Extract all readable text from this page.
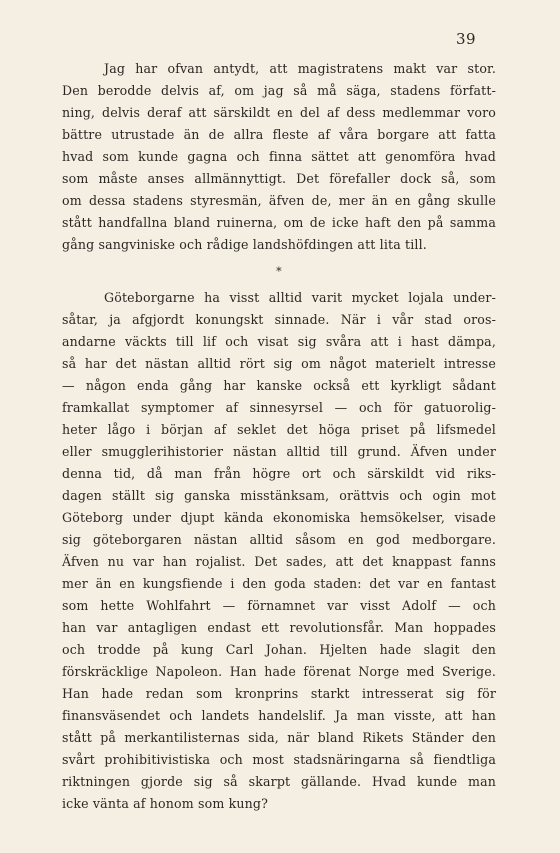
39
Jag har ofvan antydt, att magistratens makt var stor.
Den berodde delvis af, om jag så må säga, stadens författ-
ning, delvis deraf att särskildt en del af dess medlemmar voro
bättre utrustade än de allra fleste af våra borgare att fatta
hvad som kunde gagna och finna sättet att genomföra hvad
som måste anses allmännyttigt. Det förefaller dock så, som
om dessa stadens styresmän, äfven de, mer än en gång skulle
stått handfallna bland ruinerna, om de icke haft den på samma
gång sangviniske och rådige landshöfdingen att lita till.
*
Göteborgarne ha visst alltid varit mycket lojala under-
såtar, ja afgjordt konungskt sinnade. När i vår stad oros-
andarne väckts till lif och visat sig svåra att i hast dämpa,
så har det nästan alltid rört sig om något materielt intresse
— någon enda gång har kanske också ett kyrkligt sådant
framkallat symptomer af sinnesyrsel — och för gatuorolig-
heter lågo i början af seklet det höga priset på lifsmedel
eller smugglerihistorier nästan alltid till grund. Äfven under
denna tid, då man från högre ort och särskildt vid riks-
dagen ställt sig ganska misstänksam, orättvis och ogin mot
Göteborg under djupt kända ekonomiska hemsökelser, visade
sig göteborgaren nästan alltid såsom en god medborgare.
Äfven nu var han rojalist. Det sades, att det knappast fanns
mer än en kungsfiende i den goda staden: det var en fantast
som hette Wohlfahrt — förnamnet var visst Adolf — och
han var antagligen endast ett revolutionsfår. Man hoppades
och trodde på kung Carl Johan. Hjelten hade slagit den
förskräcklige Napoleon. Han hade förenat Norge med Sverige.
Han hade redan som kronprins starkt intresserat sig för
finansväsendet och landets handelslif. Ja man visste, att han
stått på merkantilisternas sida, när bland Rikets Ständer den
svårt prohibitivistiska och most stadsnäringarna så fiendtliga
riktningen gjorde sig så skarpt gällande. Hvad kunde man
icke vänta af honom som kung?
